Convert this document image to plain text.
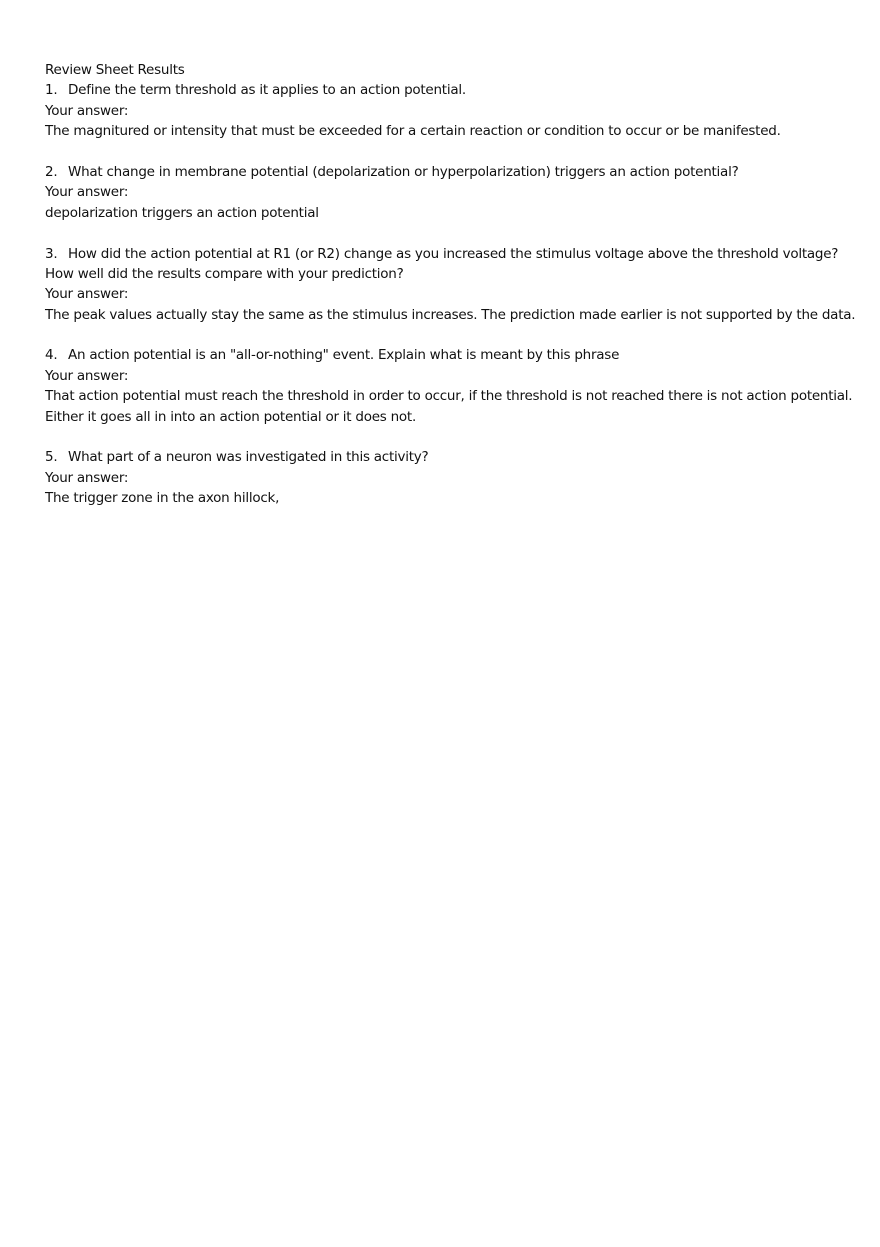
Review Sheet Results
1. Define the term threshold as it applies to an action potential.
Your answer:
The magnitured or intensity that must be exceeded for a certain reaction or condition to occur or be manifested.
2. What change in membrane potential (depolarization or hyperpolarization) triggers an action potential?
Your answer:
depolarization triggers an action potential
3. How did the action potential at R1 (or R2) change as you increased the stimulus voltage above the threshold voltage?
How well did the results compare with your prediction?
Your answer:
The peak values actually stay the same as the stimulus increases. The prediction made earlier is not supported by the data.
4. An action potential is an "all-or-nothing" event. Explain what is meant by this phrase
Your answer:
That action potential must reach the threshold in order to occur, if the threshold is not reached there is not action potential.
Either it goes all in into an action potential or it does not.
5. What part of a neuron was investigated in this activity?
Your answer:
The trigger zone in the axon hillock,
